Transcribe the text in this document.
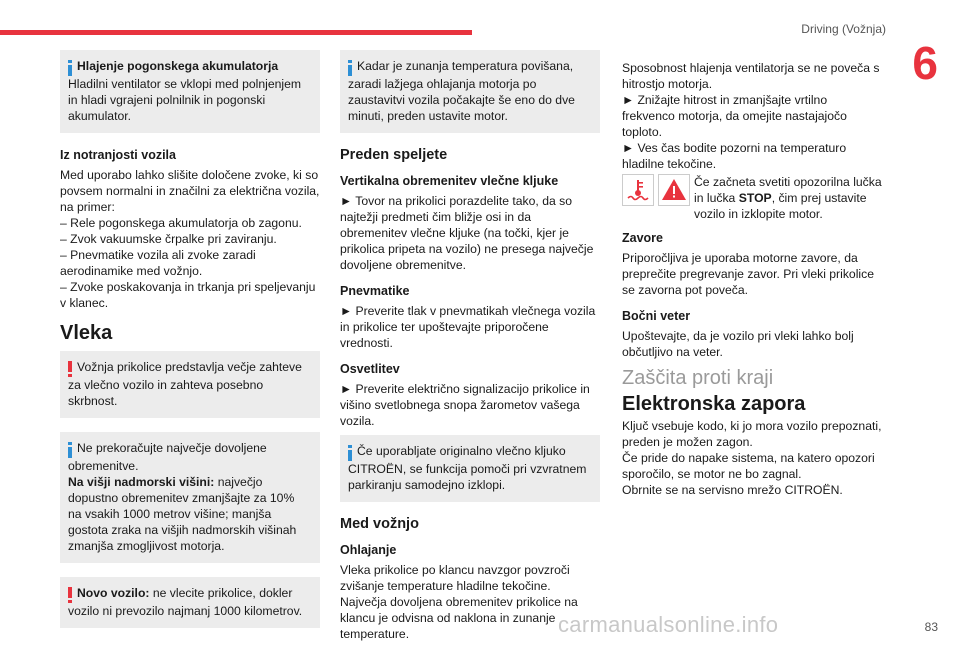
Driving (Vožnja)
6

Hlajenje pogonskega akumulatorja
Hladilni ventilator se vklopi med polnjenjem in hladi vgrajeni polnilnik in pogonski akumulator.

Iz notranjosti vozila

Med uporabo lahko slišite določene zvoke, ki so povsem normalni in značilni za električna vozila, na primer:

– Rele pogonskega akumulatorja ob zagonu.
– Zvok vakuumske črpalke pri zaviranju.
– Pnevmatike vozila ali zvoke zaradi aerodinamike med vožnjo.
– Zvoke poskakovanja in trkanja pri speljevanju v klanec.
Vleka

Vožnja prikolice predstavlja večje zahteve za vlečno vozilo in zahteva posebno skrbnost.

Ne prekoračujte največje dovoljene obremenitve.
Na višji nadmorski višini: največjo dopustno obremenitev zmanjšajte za 10% na vsakih 1000 metrov višine; manjša gostota zraka na višjih nadmorskih višinah zmanjša zmogljivost motorja.

Novo vozilo: ne vlecite prikolice, dokler vozilo ni prevozilo najmanj 1000 kilometrov.

Kadar je zunanja temperatura povišana, zaradi lažjega ohlajanja motorja po zaustavitvi vozila počakajte še eno do dve minuti, preden ustavite motor.

Preden speljete
Vertikalna obremenitev vlečne kljuke

► Tovor na prikolici porazdelite tako, da so najtežji predmeti čim bližje osi in da obremenitev vlečne kljuke (na točki, kjer je prikolica pripeta na vozilo) ne presega največje dovoljene obremenitve.

Pnevmatike

► Preverite tlak v pnevmatikah vlečnega vozila in prikolice ter upoštevajte priporočene vrednosti.

Osvetlitev

► Preverite električno signalizacijo prikolice in višino svetlobnega snopa žarometov vašega vozila.

Če uporabljate originalno vlečno kljuko CITROËN, se funkcija pomoči pri vzvratnem parkiranju samodejno izklopi.

Med vožnjo
Ohlajanje

Vleka prikolice po klancu navzgor povzroči zvišanje temperature hladilne tekočine. Največja dovoljena obremenitev prikolice na klancu je odvisna od naklona in zunanje temperature.

Sposobnost hlajenja ventilatorja se ne poveča s hitrostjo motorja.

► Znižajte hitrost in zmanjšajte vrtilno frekvenco motorja, da omejite nastajajočo toploto.

► Ves čas bodite pozorni na temperaturo hladilne tekočine.

Če začneta svetiti opozorilna lučka in lučka STOP, čim prej ustavite vozilo in izklopite motor.
Zavore

Priporočljiva je uporaba motorne zavore, da preprečite pregrevanje zavor. Pri vleki prikolice se zavorna pot poveča.

Bočni veter

Upoštevajte, da je vozilo pri vleki lahko bolj občutljivo na veter.

Zaščita proti kraji
Elektronska zapora
Ključ vsebuje kodo, ki jo mora vozilo prepoznati, preden je možen zagon.
Če pride do napake sistema, na katero opozori sporočilo, se motor ne bo zagnal.
Obrnite se na servisno mrežo CITROËN.
carmanualsonline.info	83
